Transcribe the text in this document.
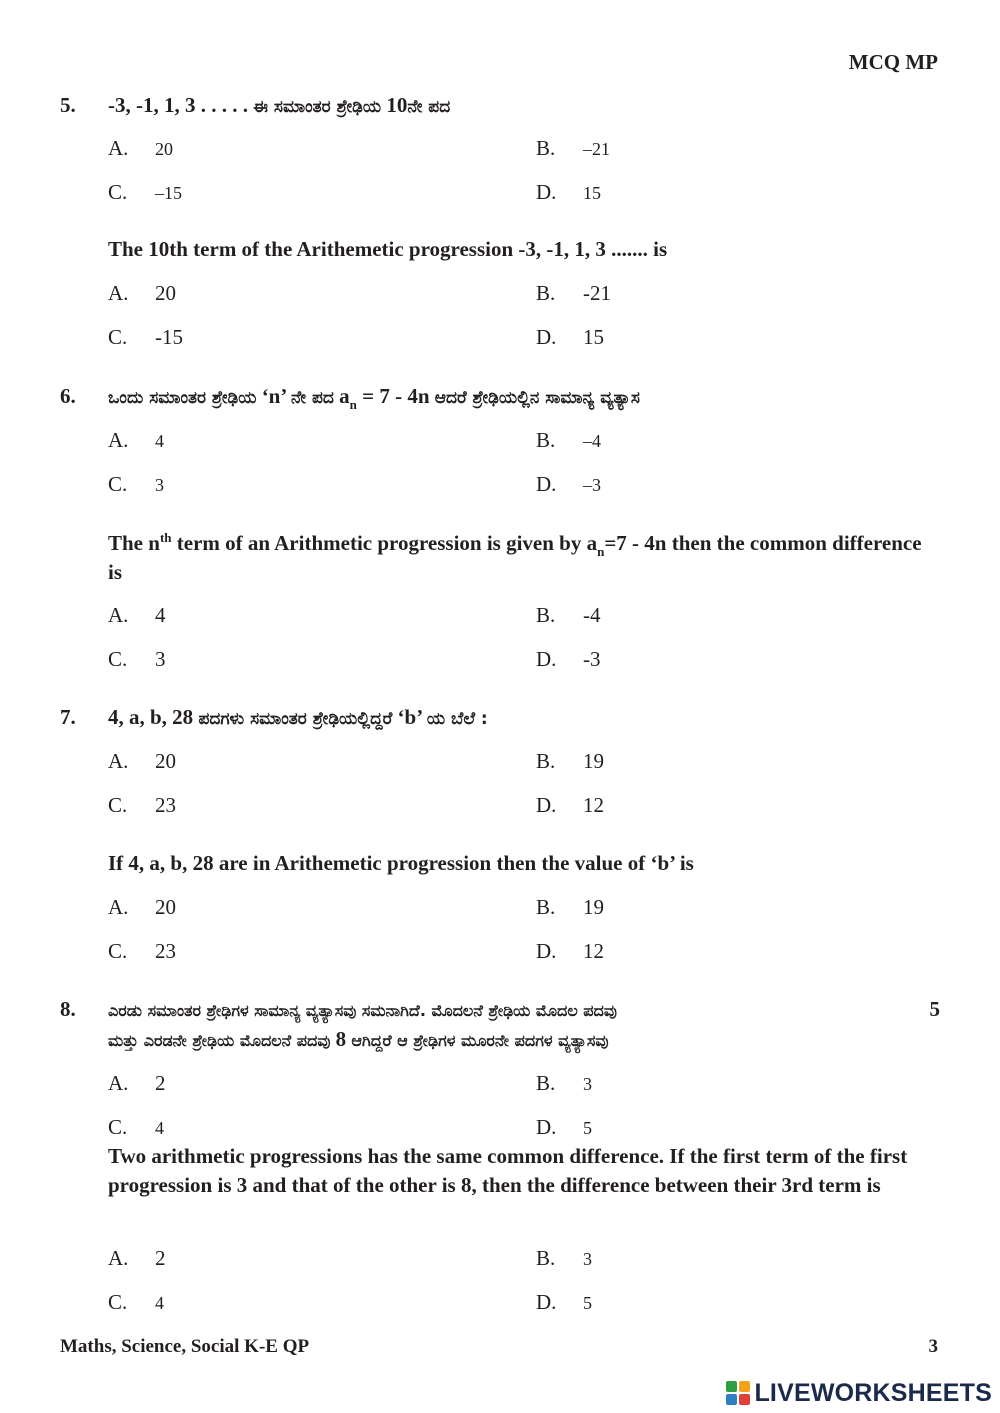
MCQ MP
5. -3, -1, 1, 3 . . . . . ಈ ಸಮಾಂತರ ಶ್ರೇಢಿಯ 10ನೇ ಪದ
A. 20	B. –21
C. –15	D. 15
The 10th term of the Arithemetic progression -3, -1, 1, 3 ....... is
A. 20	B. -21
C. -15	D. 15
6. ಒಂದು ಸಮಾಂತರ ಶ್ರೇಢಿಯ ‘n’ ನೇ ಪದ $a_n = 7 - 4n$ ಆದರೆ ಶ್ರೇಢಿಯಲ್ಲಿನ ಸಾಮಾನ್ಯ ವ್ಯತ್ಯಾಸ
A. 4	B. –4
C. 3	D. –3
The $n^{th}$ term of an Arithmetic progression is given by $a_n=7 - 4n$ then the common difference is
A. 4	B. -4
C. 3	D. -3
7. 4, a, b, 28 ಪದಗಳು ಸಮಾಂತರ ಶ್ರೇಢಿಯಲ್ಲಿದ್ದರೆ ‘b’ ಯ ಬೆಲೆ :
A. 20	B. 19
C. 23	D. 12
If 4, a, b, 28 are in Arithemetic progression then the value of ‘b’ is
A. 20	B. 19
C. 23	D. 12
8. ಎರಡು ಸಮಾಂತರ ಶ್ರೇಢಿಗಳ ಸಾಮಾನ್ಯ ವ್ಯತ್ಯಾಸವು ಸಮನಾಗಿದೆ. ಮೊದಲನೆ ಶ್ರೇಢಿಯ ಮೊದಲ ಪದವು	5
ಮತ್ತು ಎರಡನೇ ಶ್ರೇಢಿಯ ಮೊದಲನೆ ಪದವು 8 ಆಗಿದ್ದರೆ ಆ ಶ್ರೇಢಿಗಳ ಮೂರನೇ ಪದಗಳ ವ್ಯತ್ಯಾಸವು
A. 2	B. 3
C. 4	D. 5
Two arithmetic progressions has the same common difference. If the first term of the first progression is 3 and that of the other is 8, then the difference between their 3rd term is
A. 2	B. 3
C. 4	D. 5
Maths, Science, Social K-E QP	3
LIVEWORKSHEETS
